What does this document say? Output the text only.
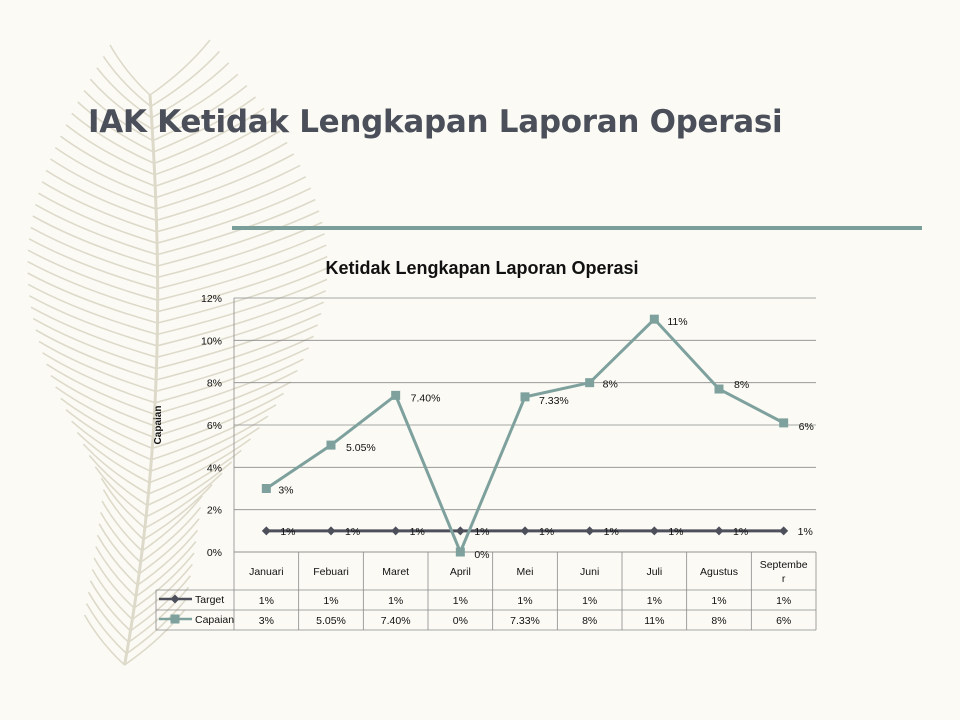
IAK Ketidak Lengkapan Laporan Operasi
Ketidak Lengkapan Laporan Operasi
Capaian
0%
2%
4%
6%
8%
10%
12%
Januari	Febuari	Maret	April	Mei	Juni	Juli	Agustus
Septembe
r
Target	1%	1%	1%	1%	1%	1%	1%	1%	1%
Capaian 3%	5.05%	7.40%	0%	7.33%	8%	11%	8%	6%
1%	1%	1%	1%	1%	1%	1%	1%	1%
3%
5.05%
7.40%
0%
7.33%
8%
11%
8%
6%
